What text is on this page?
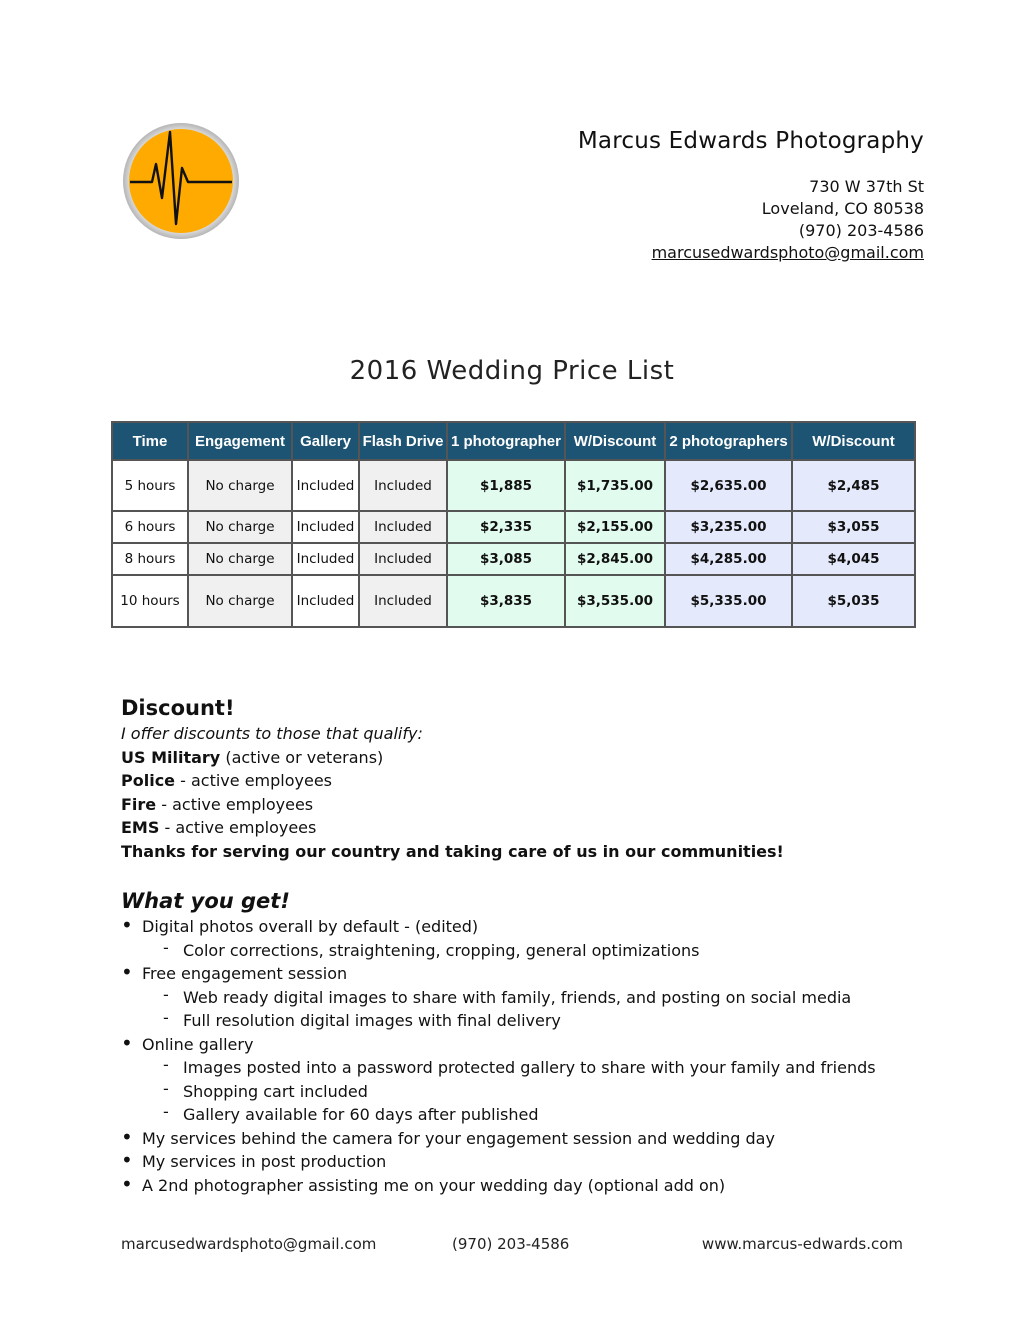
Marcus Edwards Photography
730 W 37th St
Loveland, CO 80538
(970) 203-4586
marcusedwardsphoto@gmail.com
2016 Wedding Price List
Time	Engagement	Gallery	Flash Drive	1 photographer	W/Discount	2 photographers	W/Discount
5 hours	No charge	Included	Included	$1,885	$1,735.00	$2,635.00	$2,485
6 hours	No charge	Included	Included	$2,335	$2,155.00	$3,235.00	$3,055
8 hours	No charge	Included	Included	$3,085	$2,845.00	$4,285.00	$4,045
10 hours	No charge	Included	Included	$3,835	$3,535.00	$5,335.00	$5,035
Discount!
I offer discounts to those that qualify:
US Military (active or veterans)
Police - active employees
Fire - active employees
EMS - active employees
Thanks for serving our country and taking care of us in our communities!
What you get!
• Digital photos overall by default - (edited)
- Color corrections, straightening, cropping, general optimizations
• Free engagement session
- Web ready digital images to share with family, friends, and posting on social media
- Full resolution digital images with final delivery
• Online gallery
- Images posted into a password protected gallery to share with your family and friends
- Shopping cart included
- Gallery available for 60 days after published
• My services behind the camera for your engagement session and wedding day
• My services in post production
• A 2nd photographer assisting me on your wedding day (optional add on)
marcusedwardsphoto@gmail.com	(970) 203-4586	www.marcus-edwards.com
